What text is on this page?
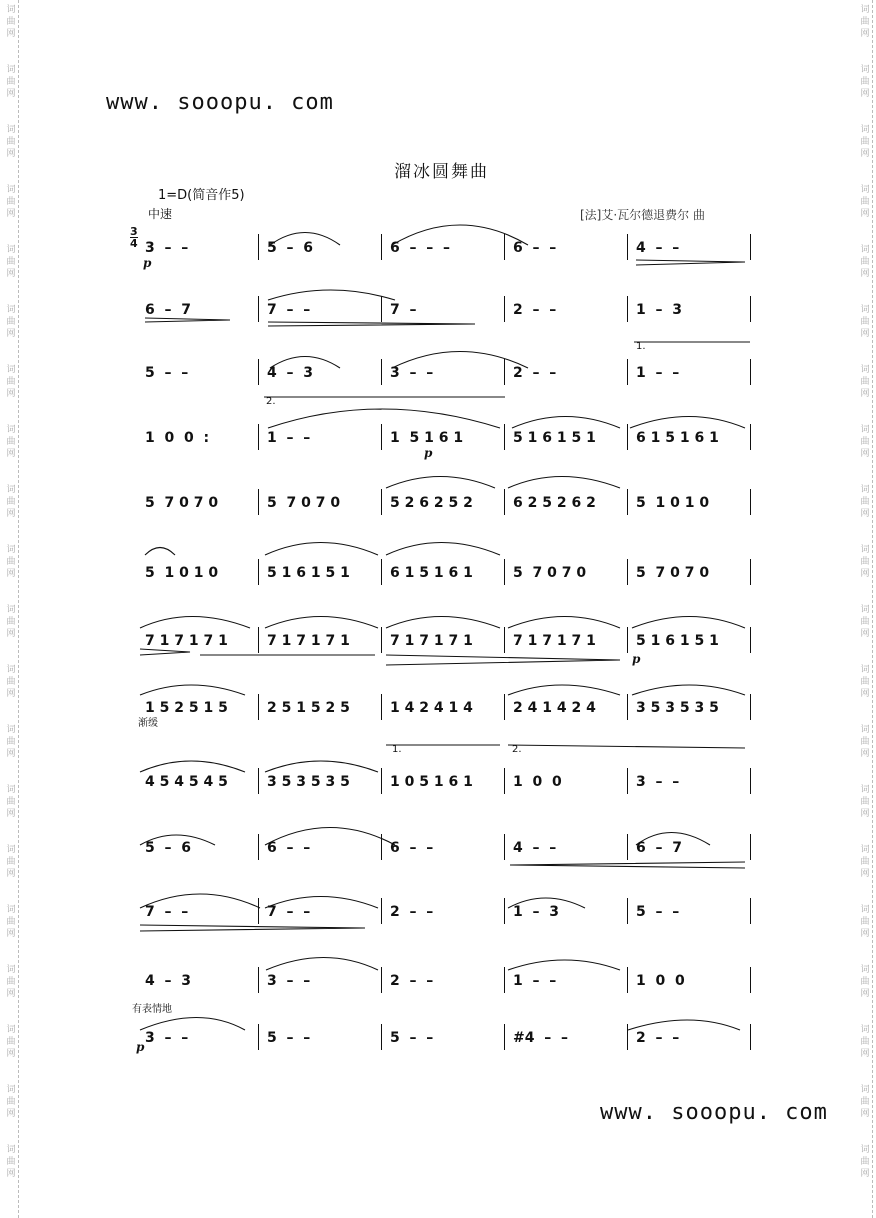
词
曲
网
词
曲
网
词
曲
网
词
曲
网
词
曲
网
词
曲
网
词
曲
网
词
曲
网
词
曲
网
词
曲
网
词
曲
网
词
曲
网
词
曲
网
词
曲
网
词
曲
网
词
曲
网
词
曲
网
词
曲
网
词
曲
网
词
曲
网
词
曲
网
词
曲
网
词
曲
网
词
曲
网
词
曲
网
词
曲
网
词
曲
网
词
曲
网
词
曲
网
词
曲
网
词
曲
网
词
曲
网
词
曲
网
词
曲
网
词
曲
网
词
曲
网
词
曲
网
词
曲
网
词
曲
网
词
曲
网
www. sooopu. com
溜冰圆舞曲
1=D(简音作5)
中速	[法]艾·瓦尔德退费尔 曲
3
4 3  –  –	5  –  6	6  –  –  –	6  –  –	4  –  –
6  –  7	7  –  –	7  –	2  –  –	1  –  3
5  –  –	4  –  3	3  –  –	2  –  –	1  –  –
1  0  0  :	1  –  –	1  5 1 6 1	5 1 6 1 5 1	6 1 5 1 6 1
5  7 0 7 0	5  7 0 7 0	5 2 6 2 5 2	6 2 5 2 6 2	5  1 0 1 0
5  1 0 1 0	5 1 6 1 5 1	6 1 5 1 6 1	5  7 0 7 0	5  7 0 7 0
7 1 7 1 7 1	7 1 7 1 7 1	7 1 7 1 7 1	7 1 7 1 7 1	5 1 6 1 5 1
1 5 2 5 1 5	2 5 1 5 2 5	1 4 2 4 1 4	2 4 1 4 2 4	3 5 3 5 3 5
4 5 4 5 4 5	3 5 3 5 3 5	1 0 5 1 6 1	1  0  0	3  –  –
5  –  6	6  –  –	6  –  –	4  –  –	6  –  7
7  –  –	7  –  –	2  –  –	1  –  3	5  –  –
4  –  3	3  –  –	2  –  –	1  –  –	1  0  0
3  –  –	5  –  –	5  –  –	#4  –  –	2  –  –
p
p
p
p
渐缓
有表情地
1.
2.
1.	2.
www. sooopu. com
